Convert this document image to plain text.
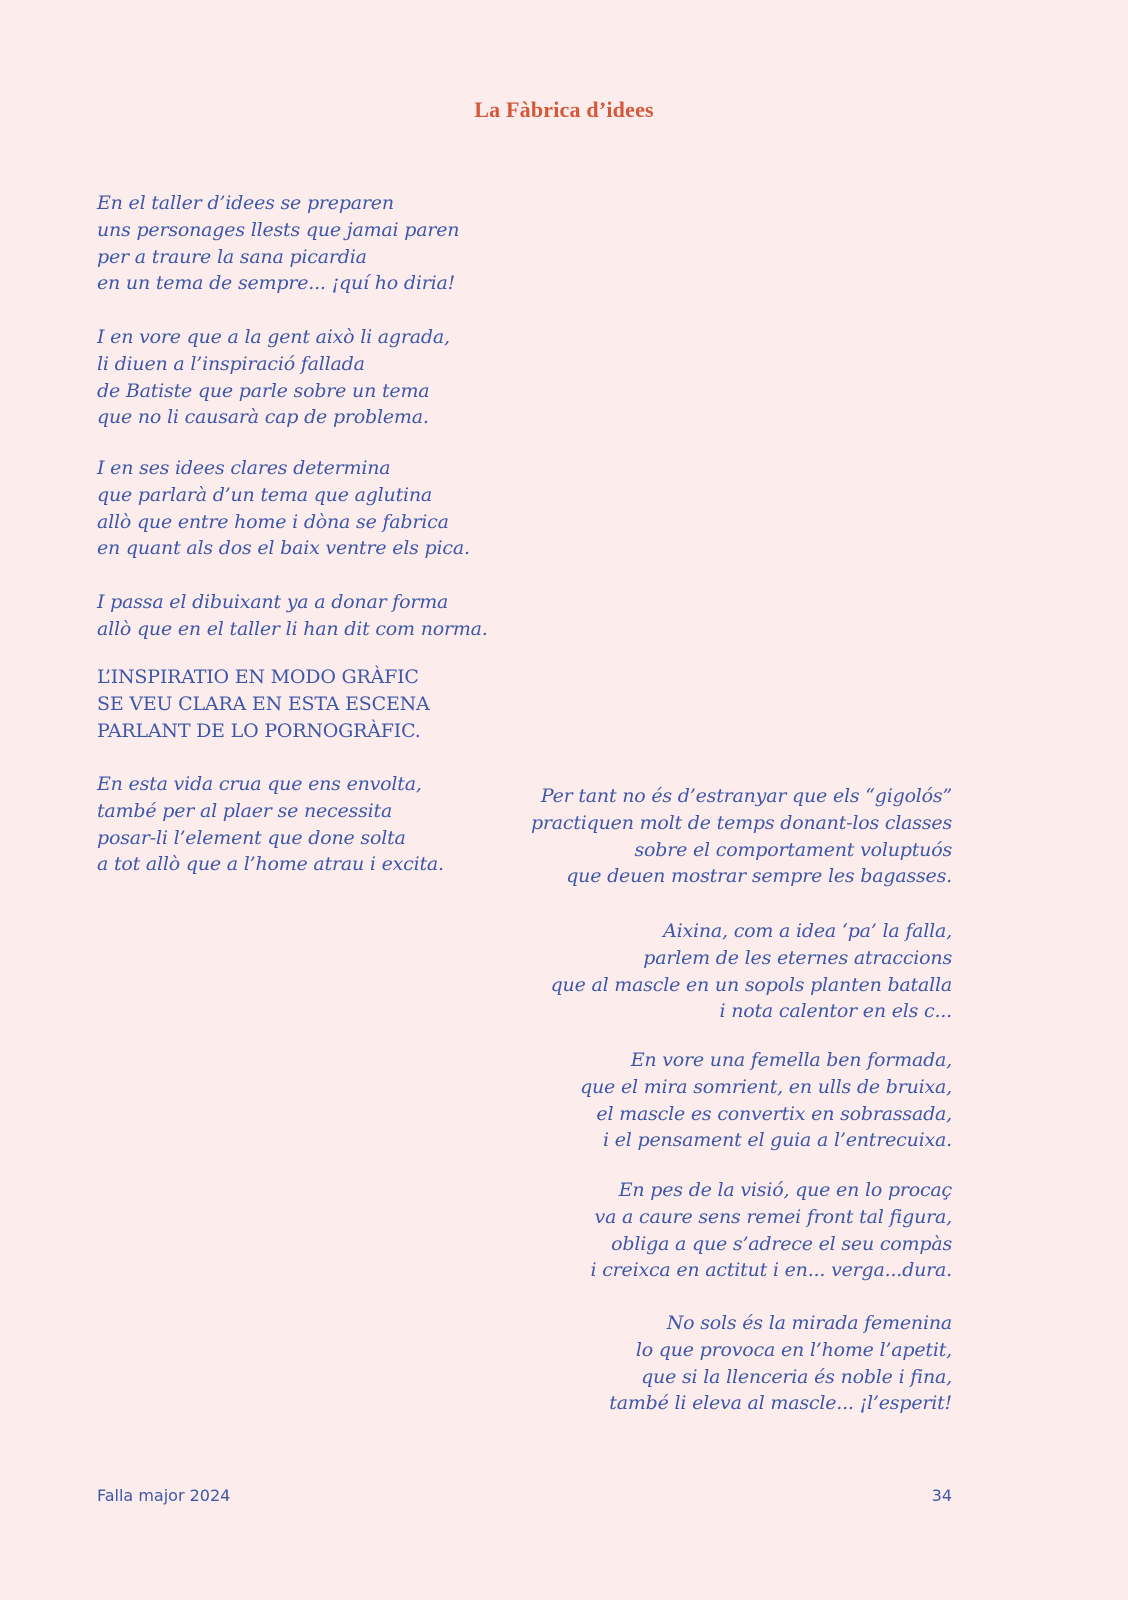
La Fàbrica d’idees
En el taller d’idees se preparen
uns personages llests que jamai paren
per a traure la sana picardia
en un tema de sempre... ¡quí ho diria!
I en vore que a la gent això li agrada,
li diuen a l’inspiració fallada
de Batiste que parle sobre un tema
que no li causarà cap de problema.
I en ses idees clares determina
que parlarà d’un tema que aglutina
allò que entre home i dòna se fabrica
en quant als dos el baix ventre els pica.
I passa el dibuixant ya a donar forma
allò que en el taller li han dit com norma.
L’INSPIRATIO EN MODO GRÀFIC
SE VEU CLARA EN ESTA ESCENA
PARLANT DE LO PORNOGRÀFIC.
En esta vida crua que ens envolta,
també per al plaer se necessita
posar-li l’element que done solta
a tot allò que a l’home atrau i excita.
Per tant no és d’estranyar que els “gigolós”
practiquen molt de temps donant-los classes
sobre el comportament voluptuós
que deuen mostrar sempre les bagasses.
Aixina, com a idea ‘pa’ la falla,
parlem de les eternes atraccions
que al mascle en un sopols planten batalla
i nota calentor en els c...
En vore una femella ben formada,
que el mira somrient, en ulls de bruixa,
el mascle es convertix en sobrassada,
i el pensament el guia a l’entrecuixa.
En pes de la visió, que en lo procaç
va a caure sens remei front tal figura,
obliga a que s’adrece el seu compàs
i creixca en actitut i en... verga...dura.
No sols és la mirada femenina
lo que provoca en l’home l’apetit,
que si la llenceria és noble i fina,
també li eleva al mascle... ¡l’esperit!
Falla major 2024	34
